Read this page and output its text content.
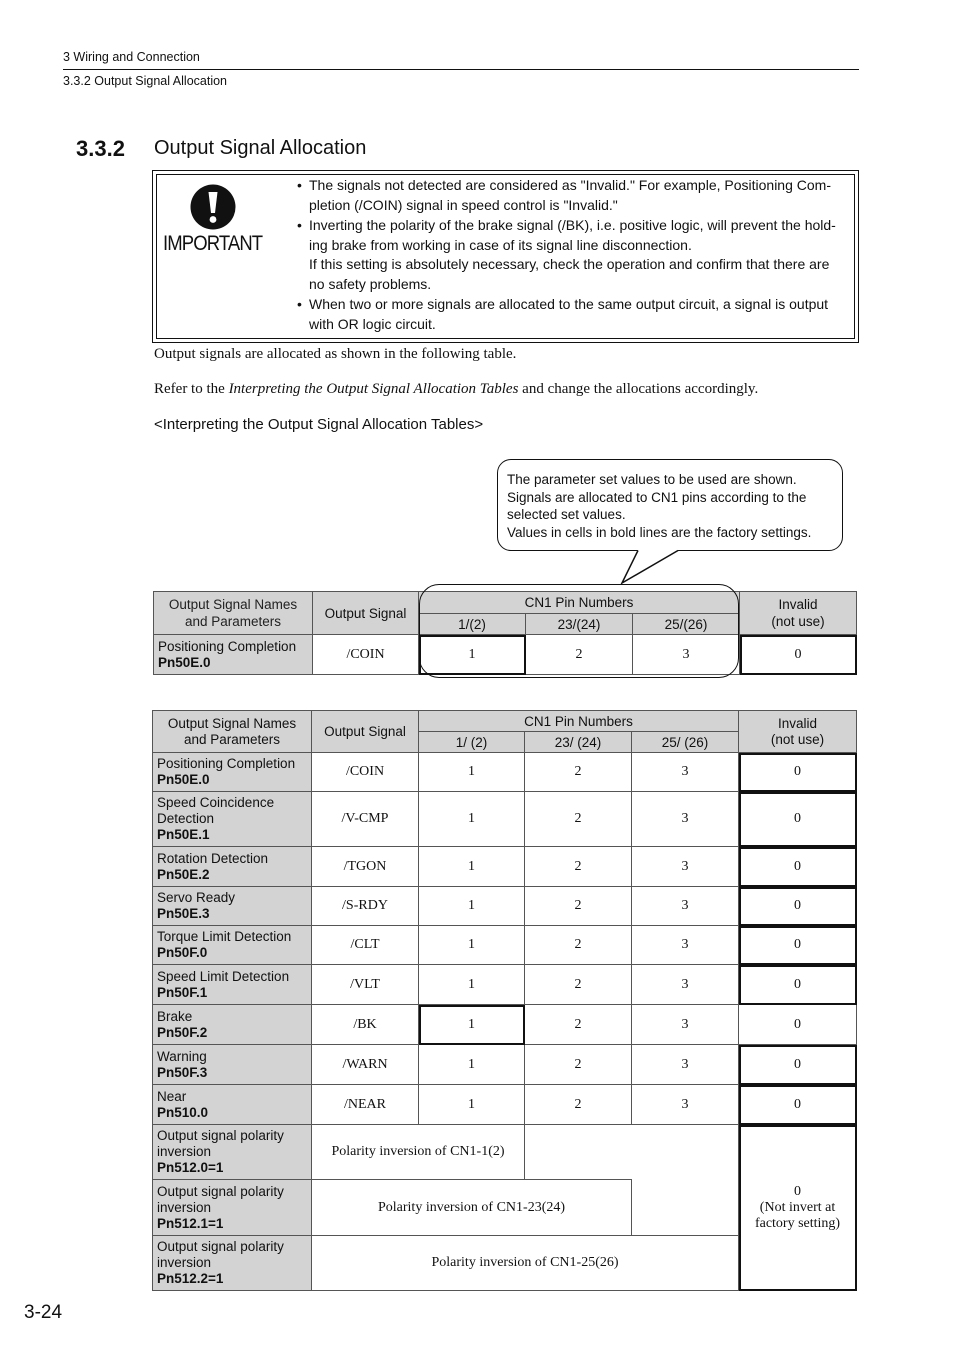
3 Wiring and Connection
3.3.2 Output Signal Allocation
3.3.2 Output Signal Allocation
IMPORTANT

• The signals not detected are considered as "Invalid." For example, Positioning Com-

pletion (/COIN) signal in speed control is "Invalid."

• Inverting the polarity of the brake signal (/BK), i.e. positive logic, will prevent the hold-

ing brake from working in case of its signal line disconnection.

If this setting is absolutely necessary, check the operation and confirm that there are

no safety problems.

• When two or more signals are allocated to the same output circuit, a signal is output

with OR logic circuit.

Output signals are allocated as shown in the following table.
Refer to the Interpreting the Output Signal Allocation Tables and change the allocations accordingly.
<Interpreting the Output Signal Allocation Tables>

The parameter set values to be used are shown.

Signals are allocated to CN1 pins according to the

selected set values.

Values in cells in bold lines are the factory settings.

Output Signal Names
and Parameters	Output Signal	CN1 Pin Numbers			Invalid
(not use)
		1/(2)	23/(24)	25/(26)	
Positioning Completion
Pn50E.0	/COIN	1	2	3	0
Output Signal Names
and Parameters	Output Signal	CN1 Pin Numbers			Invalid
(not use)
		1/ (2)	23/ (24)	25/ (26)	
Positioning Completion
Pn50E.0	/COIN	1	2	3	0
Speed Coincidence
Detection
Pn50E.1	/V-CMP	1	2	3	0
Rotation Detection
Pn50E.2	/TGON	1	2	3	0
Servo Ready
Pn50E.3	/S-RDY	1	2	3	0
Torque Limit Detection
Pn50F.0	/CLT	1	2	3	0
Speed Limit Detection
Pn50F.1	/VLT	1	2	3	0
Brake
Pn50F.2	/BK	1	2	3	0
Warning
Pn50F.3	/WARN	1	2	3	0
Near
Pn510.0	/NEAR	1	2	3	0
Output signal polarity
inversion
Pn512.0=1	Polarity inversion of CN1-1(2)				0
(Not invert at
factory setting)
Output signal polarity
inversion
Pn512.1=1	Polarity inversion of CN1-23(24)				
Output signal polarity
inversion
Pn512.2=1	Polarity inversion of CN1-25(26)				
3-24
